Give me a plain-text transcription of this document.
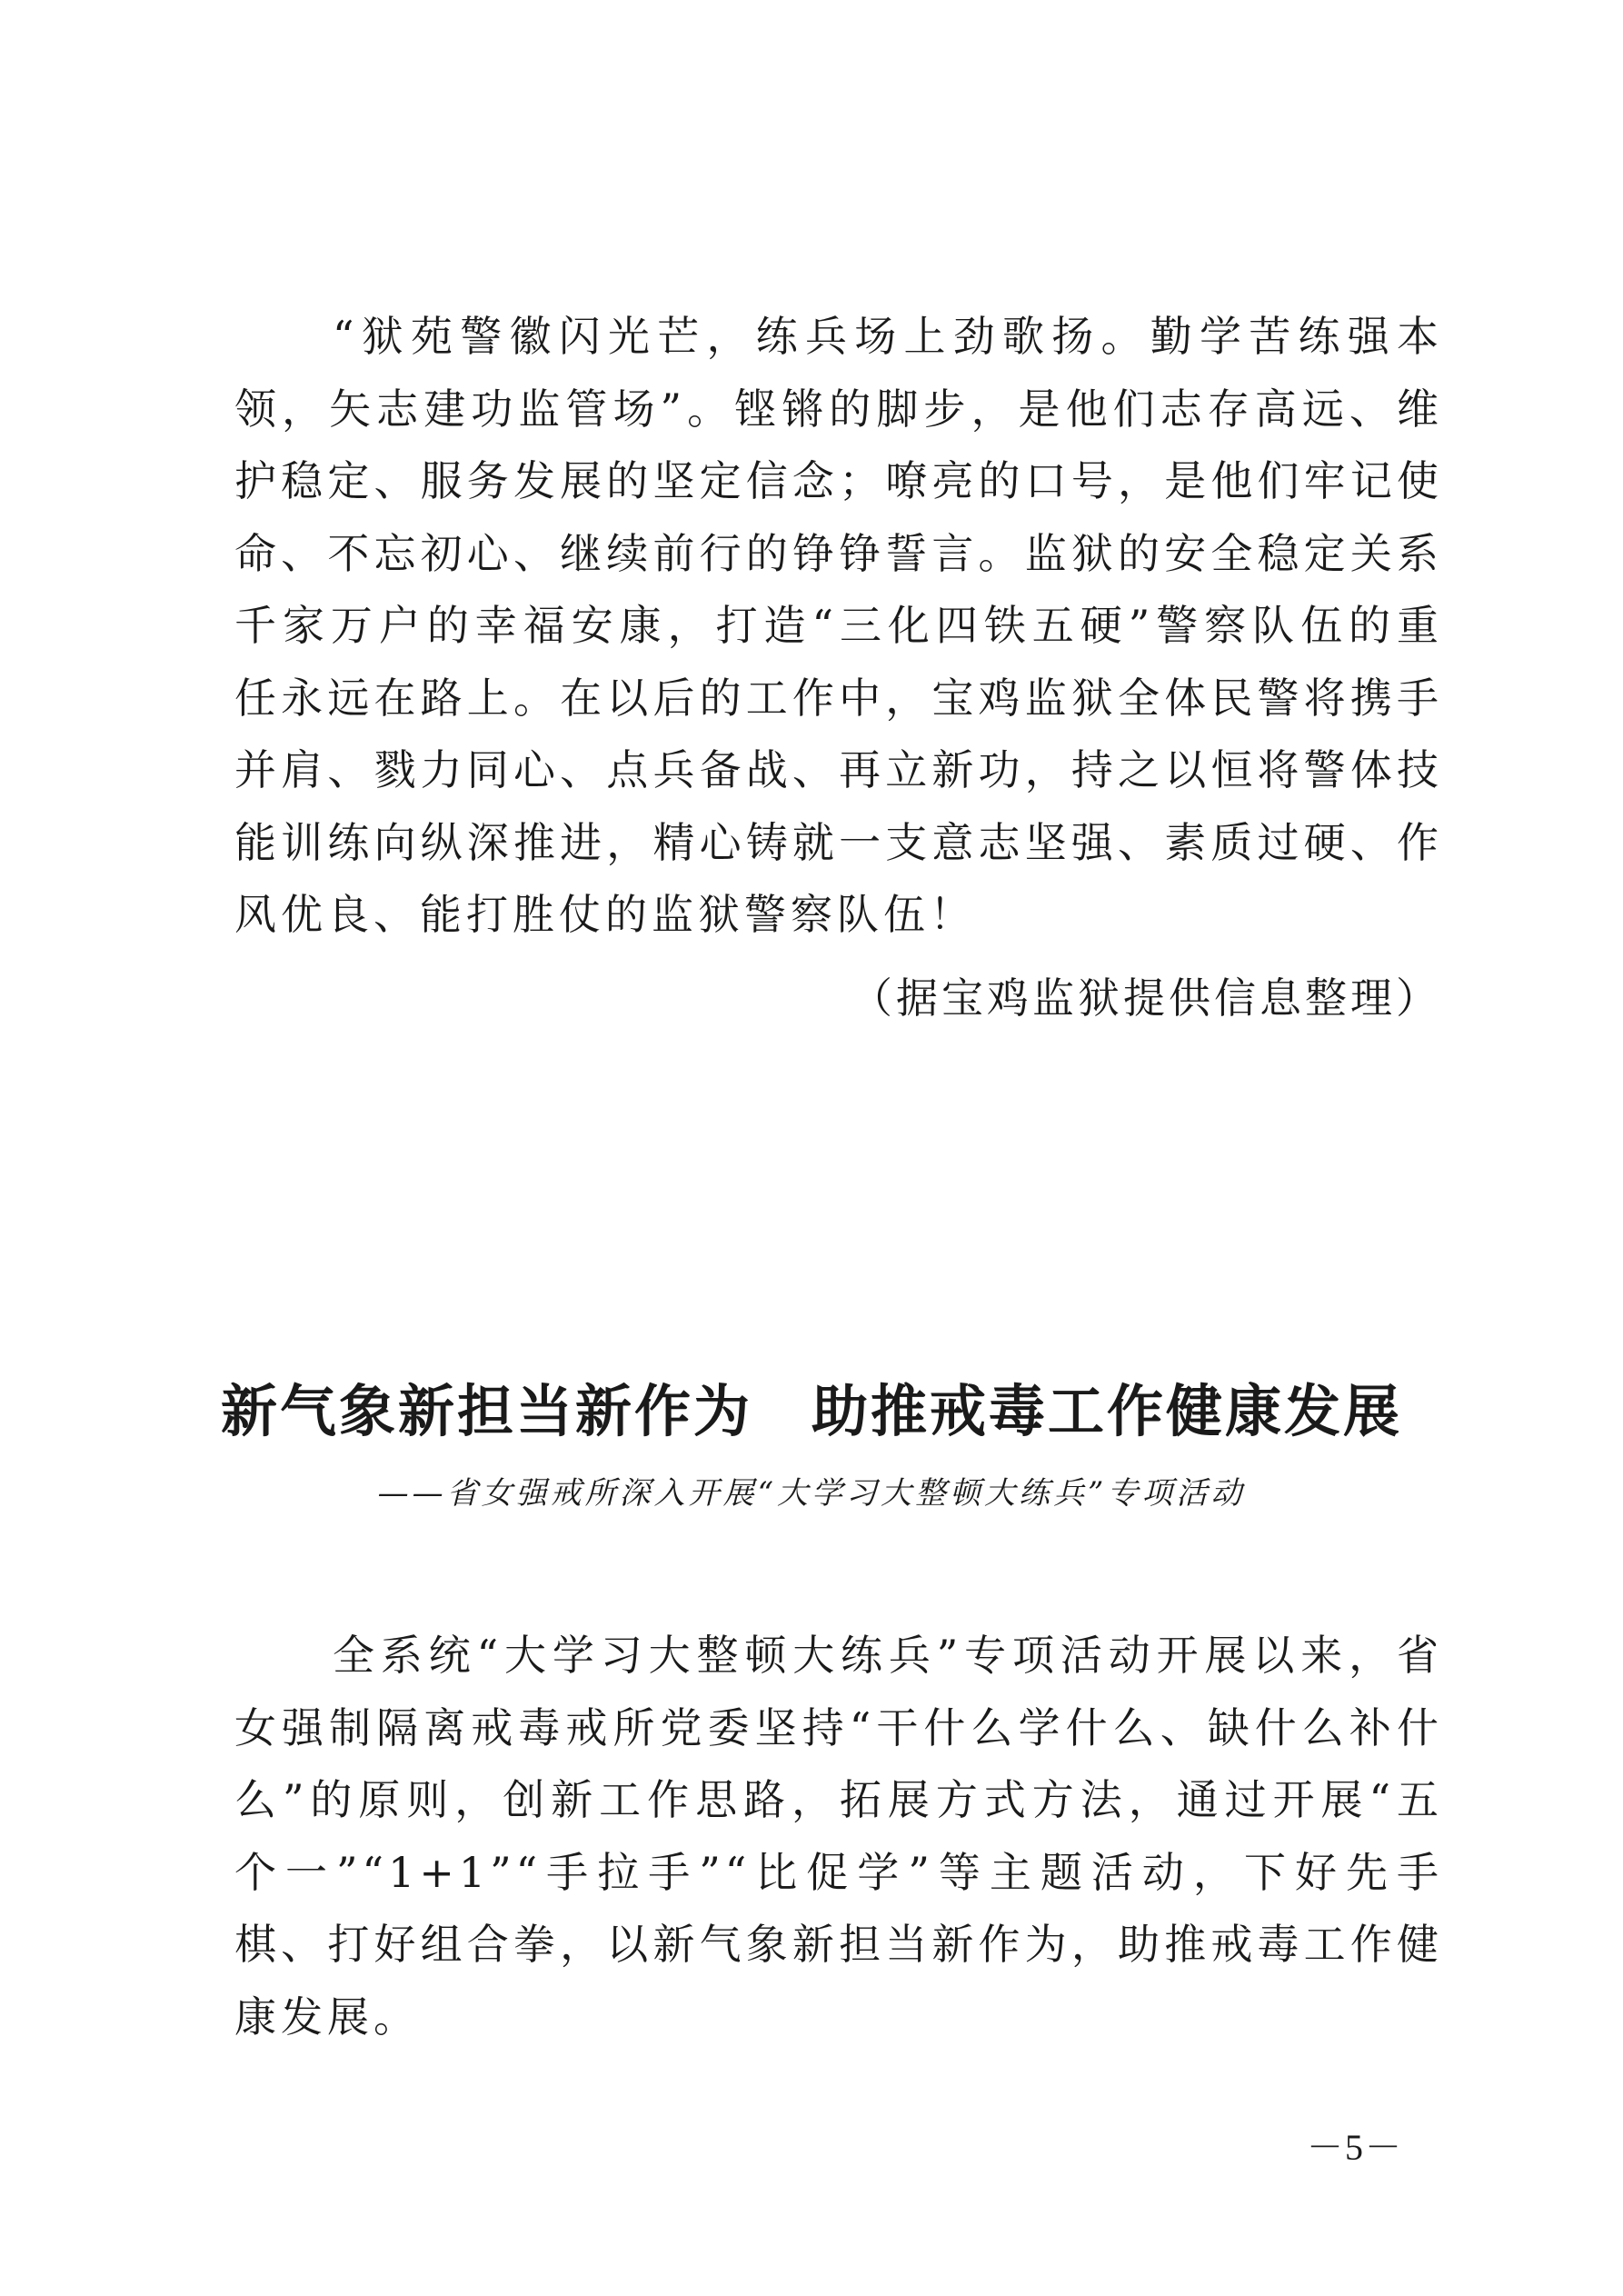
“狱苑警徽闪光芒，练兵场上劲歌扬。勤学苦练强本领，矢志建功监管场”。铿锵的脚步，是他们志存高远、维护稳定、服务发展的坚定信念；嘹亮的口号，是他们牢记使命、不忘初心、继续前行的铮铮誓言。监狱的安全稳定关系千家万户的幸福安康，打造“三化四铁五硬”警察队伍的重任永远在路上。在以后的工作中，宝鸡监狱全体民警将携手并肩、戮力同心、点兵备战、再立新功，持之以恒将警体技能训练向纵深推进，精心铸就一支意志坚强、素质过硬、作风优良、能打胜仗的监狱警察队伍！

（据宝鸡监狱提供信息整理）
新气象新担当新作为　助推戒毒工作健康发展
——省女强戒所深入开展“大学习大整顿大练兵”专项活动

全系统“大学习大整顿大练兵”专项活动开展以来，省女强制隔离戒毒戒所党委坚持“干什么学什么、缺什么补什么”的原则，创新工作思路，拓展方式方法，通过开展“五个一”“1+1”“手拉手”“比促学”等主题活动，下好先手棋、打好组合拳，以新气象新担当新作为，助推戒毒工作健康发展。

－5－
